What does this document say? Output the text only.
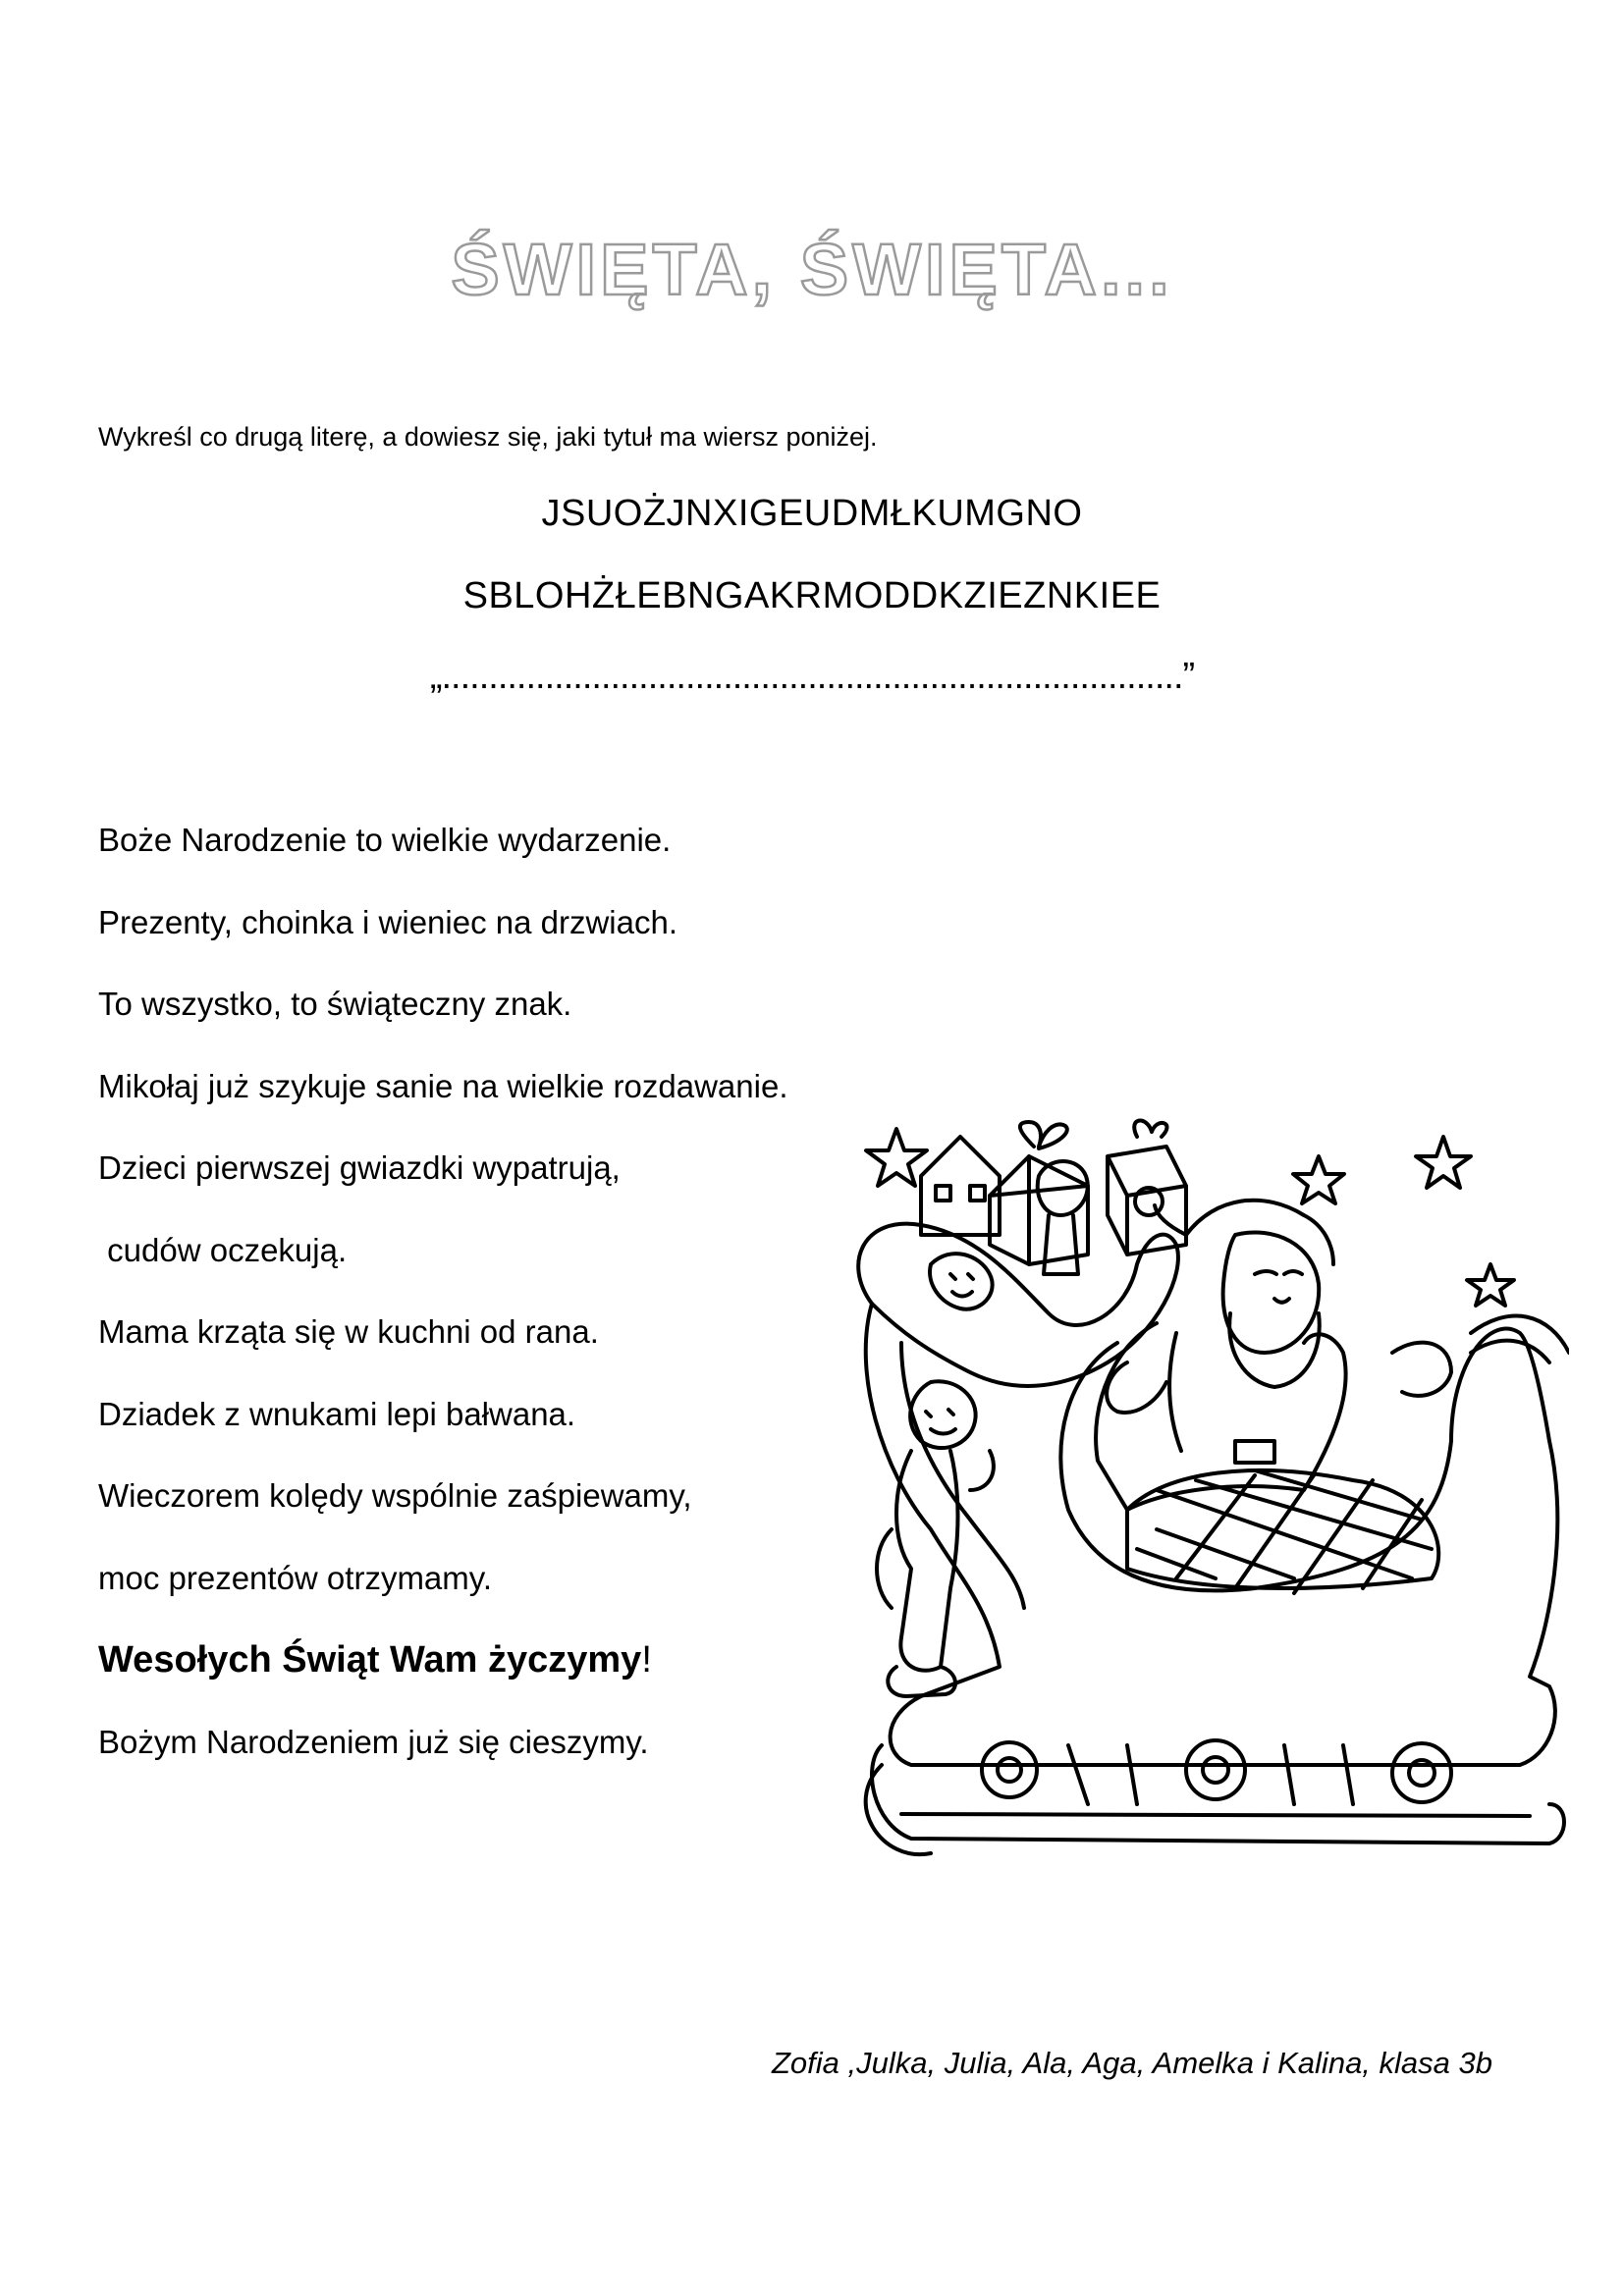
ŚWIĘTA, ŚWIĘTA...

Wykreśl co drugą literę, a dowiesz się, jaki tytuł ma wiersz poniżej.

JSUOŻJNXIGEUDMŁKUMGNO

SBLOHŻŁEBNGAKRMODDKZIEZNKIEE

„...............................................................................”

Boże Narodzenie to wielkie wydarzenie.
Prezenty, choinka i wieniec na drzwiach.
To wszystko, to świąteczny znak.
Mikołaj już szykuje sanie na wielkie rozdawanie.
Dzieci pierwszej gwiazdki wypatrują,
cudów oczekują.
Mama krząta się w kuchni od rana.
Dziadek z wnukami lepi bałwana.
Wieczorem kolędy wspólnie zaśpiewamy,
moc prezentów otrzymamy.
Wesołych Świąt Wam życzymy!
Bożym Narodzeniem już się cieszymy.

Zofia ,Julka, Julia, Ala, Aga, Amelka i Kalina, klasa 3b
